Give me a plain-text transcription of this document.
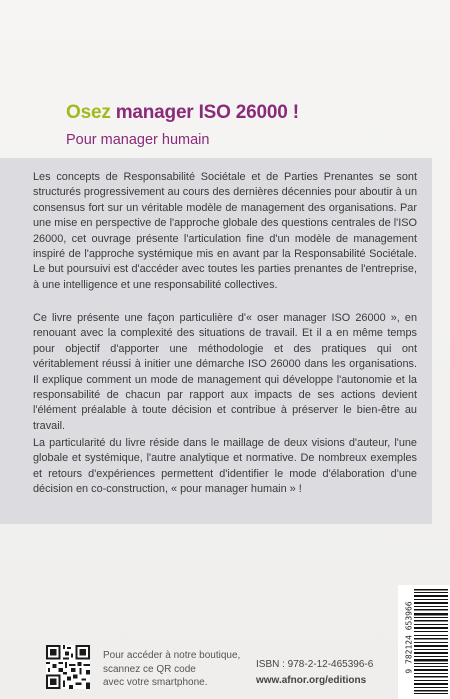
Osez manager ISO 26000 !
Pour manager humain

Les concepts de Responsabilité Sociétale et de Parties Prenantes se sont structurés progressivement au cours des dernières décennies pour aboutir à un consensus fort sur un véritable modèle de management des organisations. Par une mise en perspective de l'approche globale des questions centrales de l'ISO 26000, cet ouvrage présente l'articulation fine d'un modèle de management inspiré de l'approche systémique mis en avant par la Responsabilité Sociétale. Le but poursuivi est d'accéder avec toutes les parties prenantes de l'entreprise, à une intelligence et une responsabilité collectives.

Ce livre présente une façon particulière d'« oser manager ISO 26000 », en renouant avec la complexité des situations de travail. Et il a en même temps pour objectif d'apporter une méthodologie et des pratiques qui ont véritablement réussi à initier une démarche ISO 26000 dans les organisations. Il explique comment un mode de management qui développe l'autonomie et la responsabilité de chacun par rapport aux impacts de ses actions devient l'élément préalable à toute décision et contribue à préserver le bien-être au travail.

La particularité du livre réside dans le maillage de deux visions d'auteur, l'une globale et systémique, l'autre analytique et normative. De nombreux exemples et retours d'expériences permettent d'identifier le mode d'élaboration d'une décision en co-construction, « pour manager humain » !

Pour accéder à notre boutique,
scannez ce QR code
avec votre smartphone.
ISBN : 978-2-12-465396-6
www.afnor.org/editions
9 782124 653966
